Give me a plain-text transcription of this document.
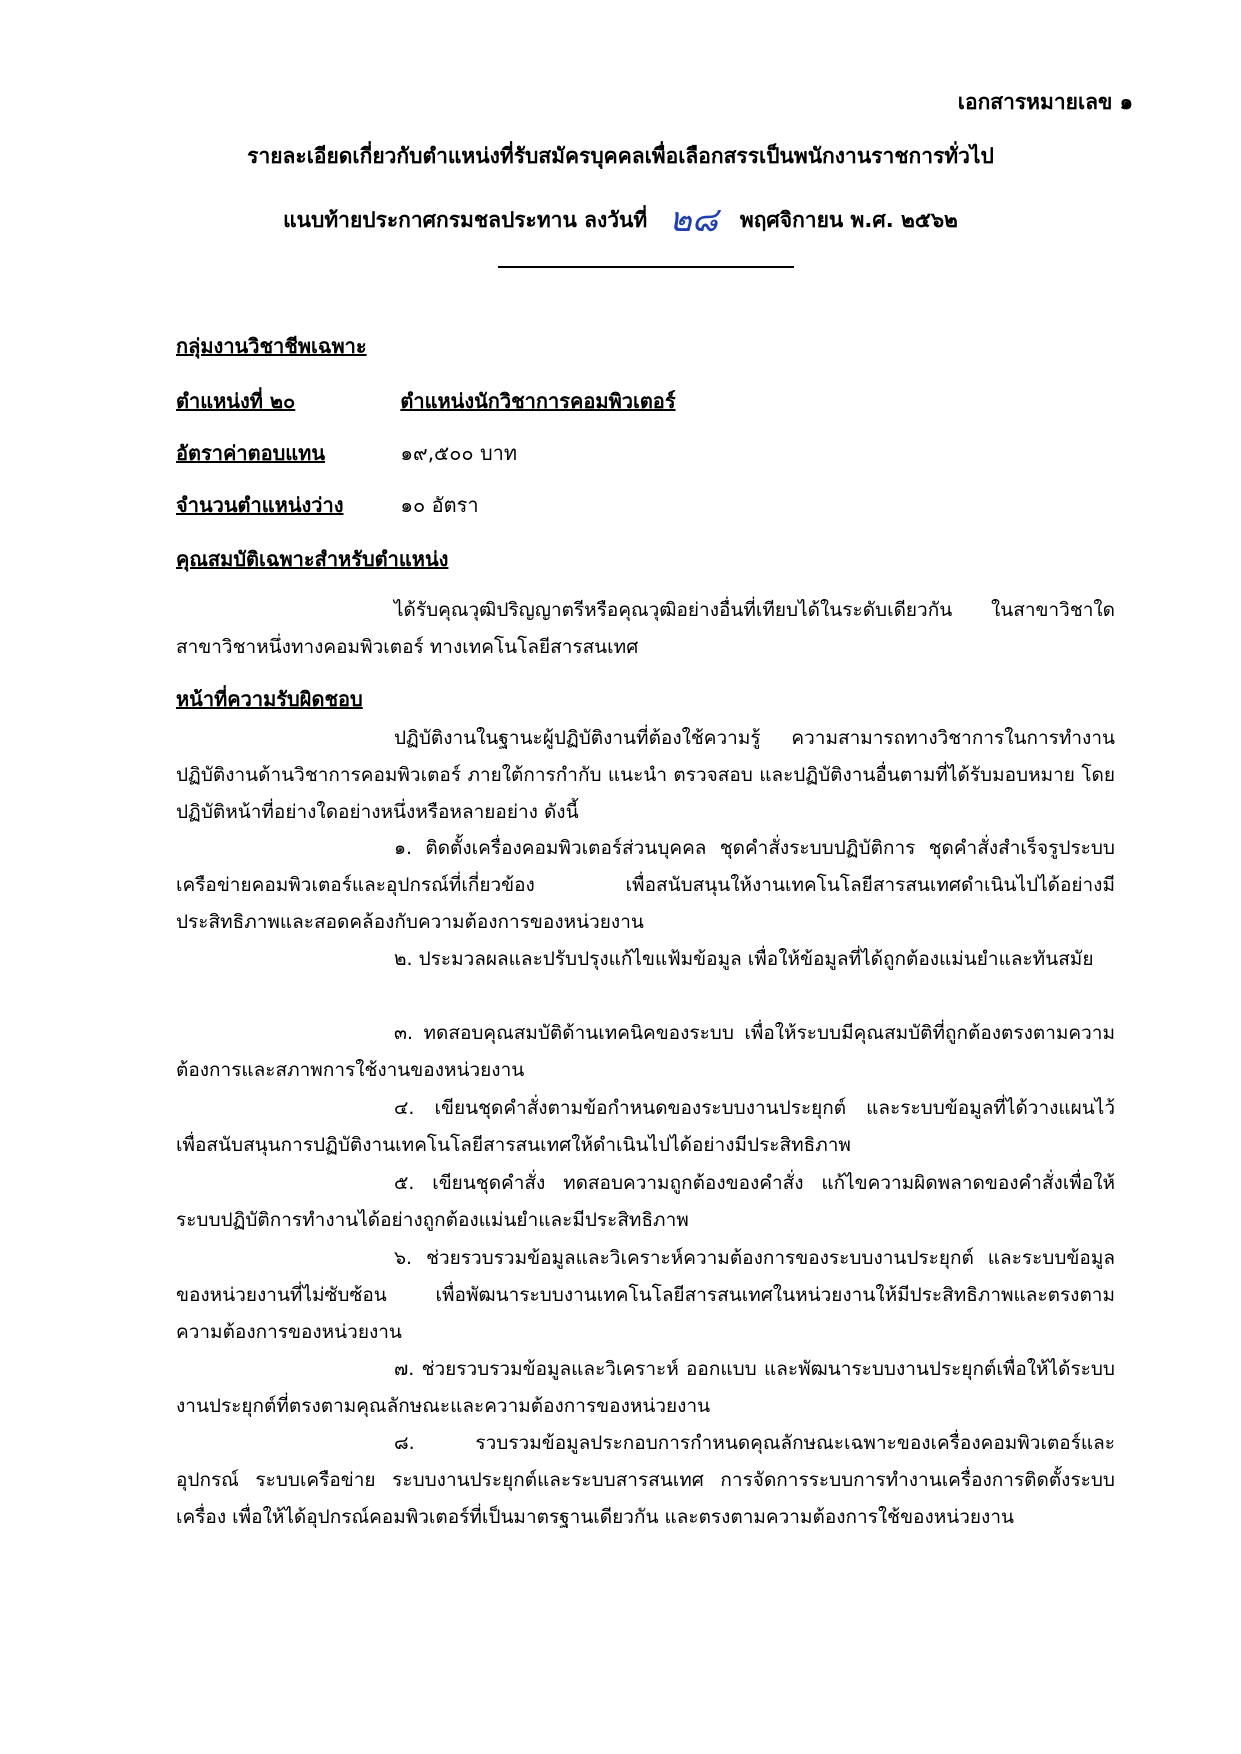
เอกสารหมายเลข ๑
รายละเอียดเกี่ยวกับตำแหน่งที่รับสมัครบุคคลเพื่อเลือกสรรเป็นพนักงานราชการทั่วไป
แนบท้ายประกาศกรมชลประทาน ลงวันที่ ๒๘ พฤศจิกายน พ.ศ. ๒๕๖๒
กลุ่มงานวิชาชีพเฉพาะ
ตำแหน่งที่ ๒๐	ตำแหน่งนักวิชาการคอมพิวเตอร์
อัตราค่าตอบแทน	๑๙,๕๐๐ บาท
จำนวนตำแหน่งว่าง	๑๐ อัตรา
คุณสมบัติเฉพาะสำหรับตำแหน่ง

ได้รับคุณวุฒิปริญญาตรีหรือคุณวุฒิอย่างอื่นที่เทียบได้ในระดับเดียวกัน ในสาขาวิชาใดสาขาวิชาหนึ่งทางคอมพิวเตอร์ ทางเทคโนโลยีสารสนเทศ

หน้าที่ความรับผิดชอบ

ปฏิบัติงานในฐานะผู้ปฏิบัติงานที่ต้องใช้ความรู้ ความสามารถทางวิชาการในการทำงาน ปฏิบัติงานด้านวิชาการคอมพิวเตอร์ ภายใต้การกำกับ แนะนำ ตรวจสอบ และปฏิบัติงานอื่นตามที่ได้รับมอบหมาย โดยปฏิบัติหน้าที่อย่างใดอย่างหนึ่งหรือหลายอย่าง ดังนี้

๑. ติดตั้งเครื่องคอมพิวเตอร์ส่วนบุคคล ชุดคำสั่งระบบปฏิบัติการ ชุดคำสั่งสำเร็จรูประบบเครือข่ายคอมพิวเตอร์และอุปกรณ์ที่เกี่ยวข้อง เพื่อสนับสนุนให้งานเทคโนโลยีสารสนเทศดำเนินไปได้อย่างมีประสิทธิภาพและสอดคล้องกับความต้องการของหน่วยงาน

๒. ประมวลผลและปรับปรุงแก้ไขแฟ้มข้อมูล เพื่อให้ข้อมูลที่ได้ถูกต้องแม่นยำและทันสมัย

๓. ทดสอบคุณสมบัติด้านเทคนิคของระบบ เพื่อให้ระบบมีคุณสมบัติที่ถูกต้องตรงตามความต้องการและสภาพการใช้งานของหน่วยงาน

๔. เขียนชุดคำสั่งตามข้อกำหนดของระบบงานประยุกต์ และระบบข้อมูลที่ได้วางแผนไว้ เพื่อสนับสนุนการปฏิบัติงานเทคโนโลยีสารสนเทศให้ดำเนินไปได้อย่างมีประสิทธิภาพ

๕. เขียนชุดคำสั่ง ทดสอบความถูกต้องของคำสั่ง แก้ไขความผิดพลาดของคำสั่งเพื่อให้ระบบปฏิบัติการทำงานได้อย่างถูกต้องแม่นยำและมีประสิทธิภาพ

๖. ช่วยรวบรวมข้อมูลและวิเคราะห์ความต้องการของระบบงานประยุกต์ และระบบข้อมูลของหน่วยงานที่ไม่ซับซ้อน เพื่อพัฒนาระบบงานเทคโนโลยีสารสนเทศในหน่วยงานให้มีประสิทธิภาพและตรงตามความต้องการของหน่วยงาน

๗. ช่วยรวบรวมข้อมูลและวิเคราะห์ ออกแบบ และพัฒนาระบบงานประยุกต์เพื่อให้ได้ระบบงานประยุกต์ที่ตรงตามคุณลักษณะและความต้องการของหน่วยงาน

๘. รวบรวมข้อมูลประกอบการกำหนดคุณลักษณะเฉพาะของเครื่องคอมพิวเตอร์และอุปกรณ์ ระบบเครือข่าย ระบบงานประยุกต์และระบบสารสนเทศ การจัดการระบบการทำงานเครื่องการติดตั้งระบบเครื่อง เพื่อให้ได้อุปกรณ์คอมพิวเตอร์ที่เป็นมาตรฐานเดียวกัน และตรงตามความต้องการใช้ของหน่วยงาน
